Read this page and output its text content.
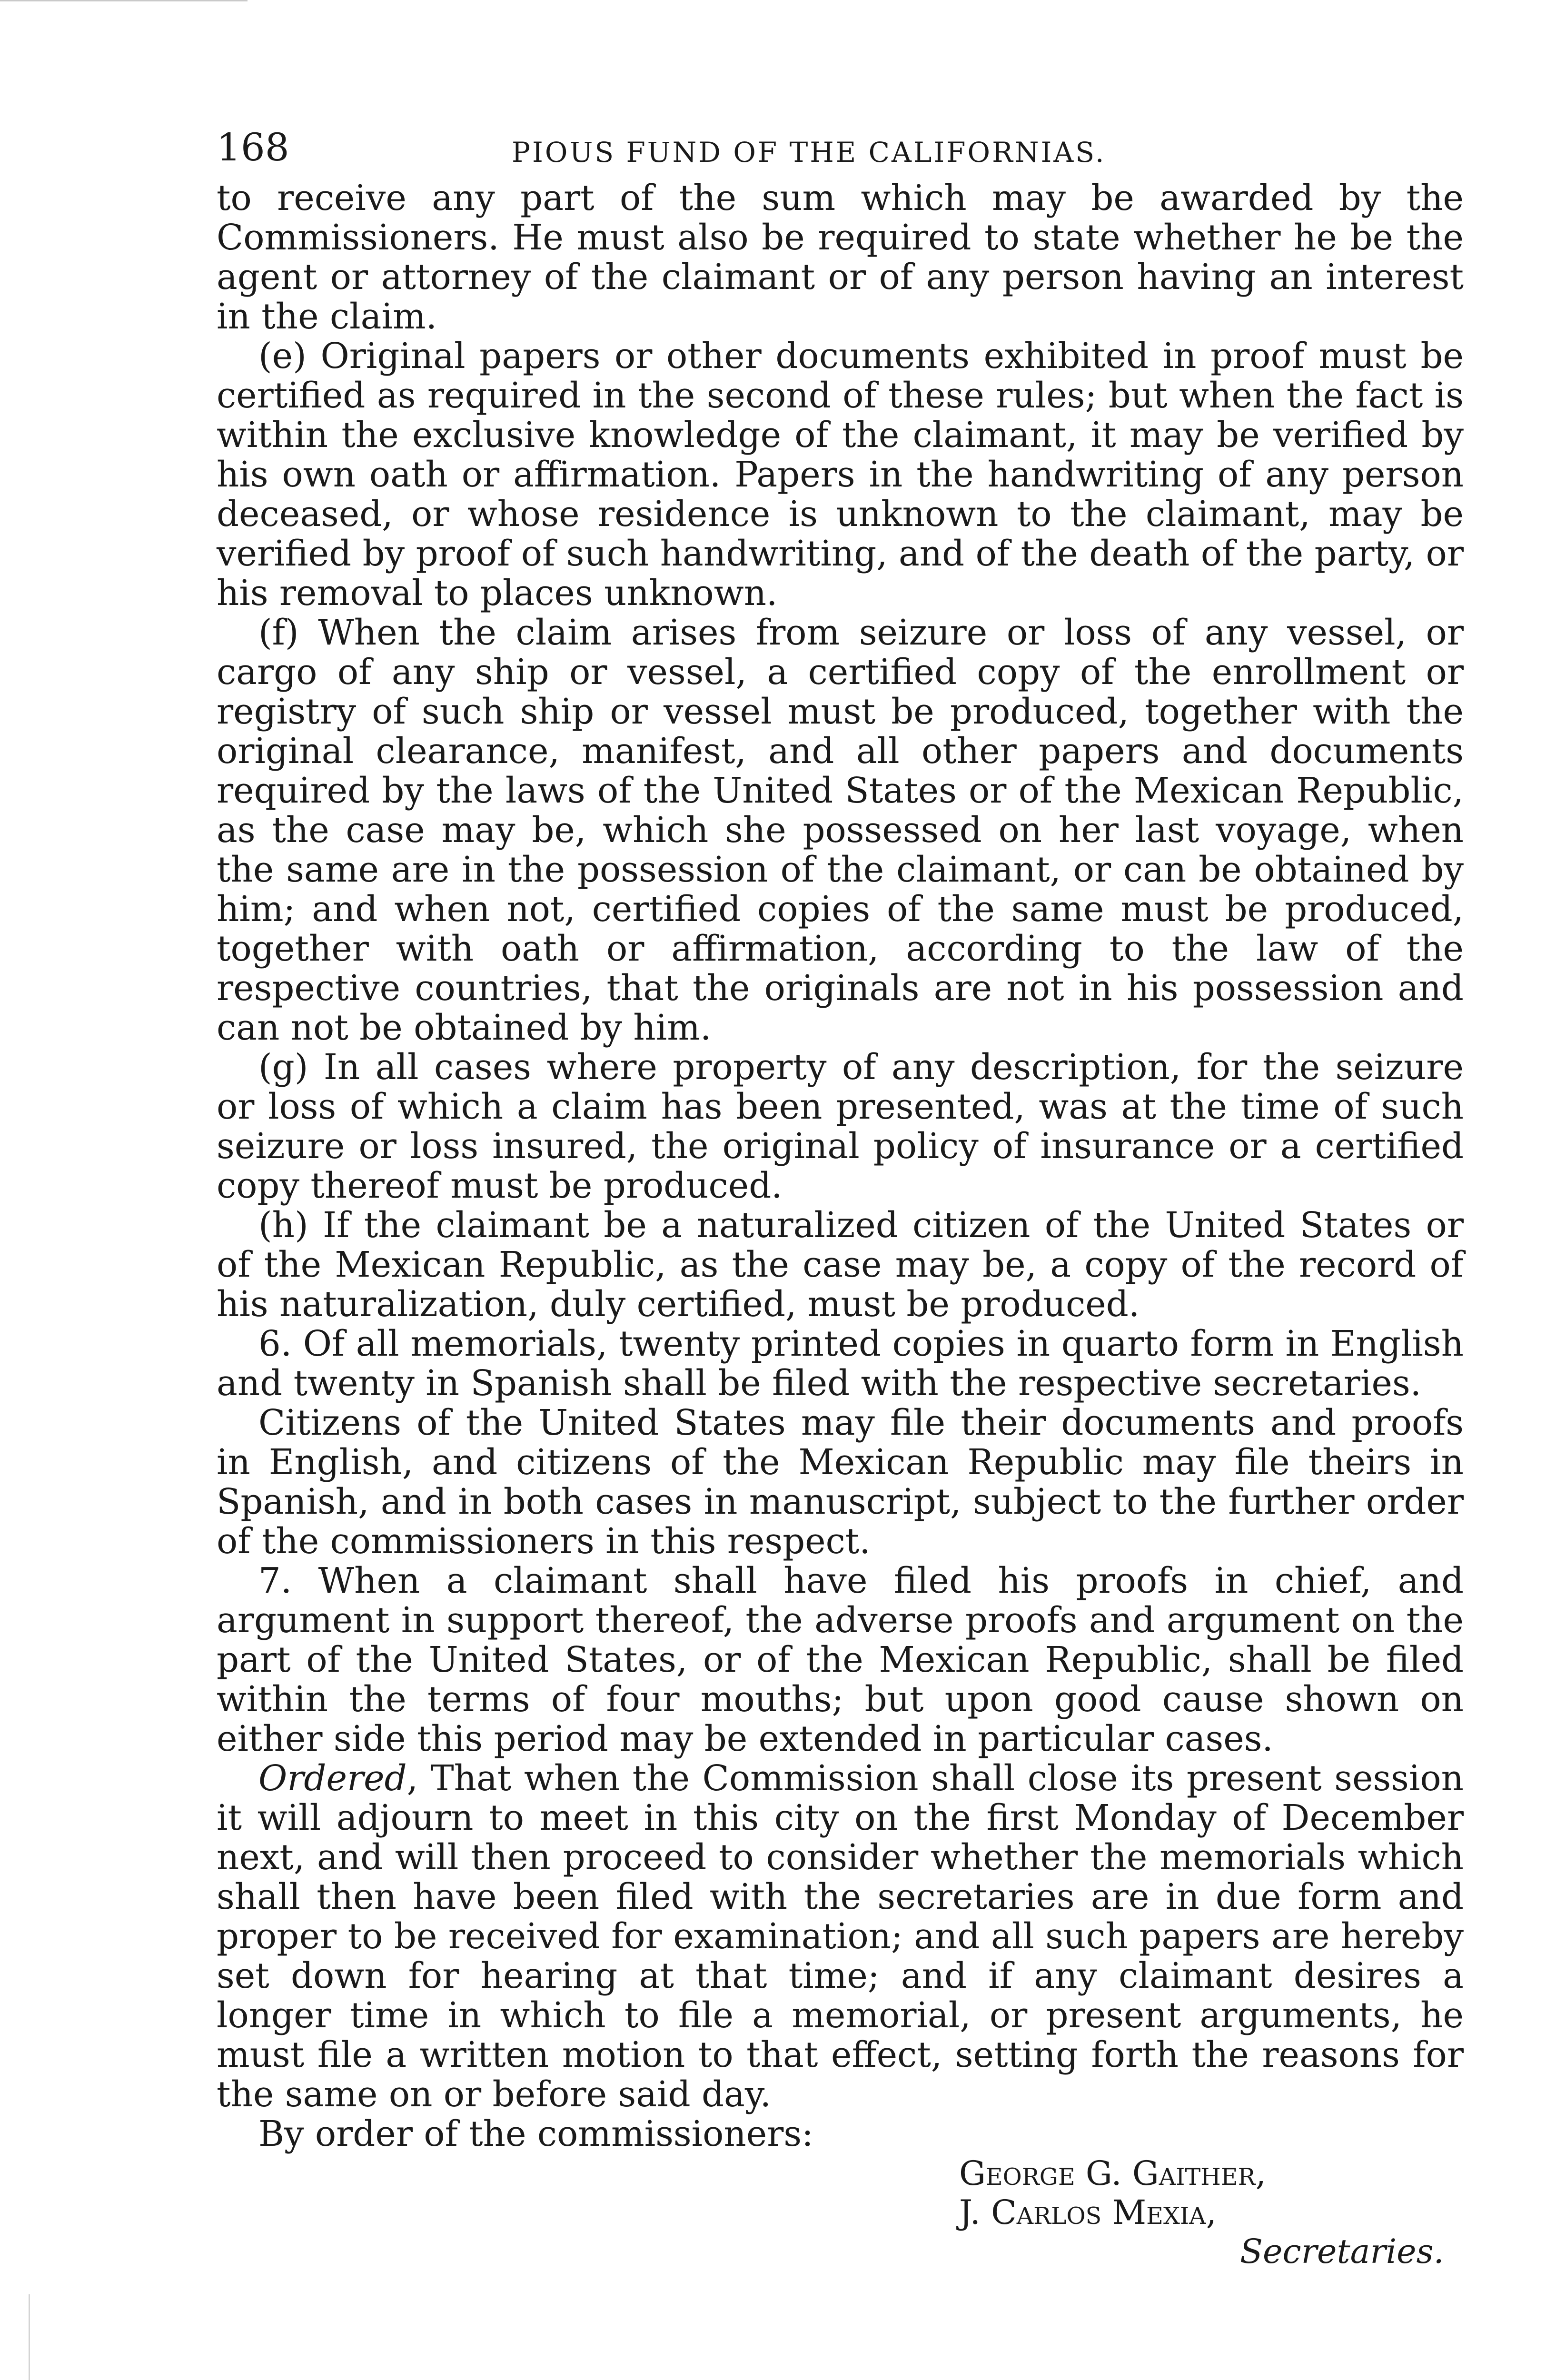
168	PIOUS FUND OF THE CALIFORNIAS.

to receive any part of the sum which may be awarded by the Commissioners. He must also be required to state whether he be the agent or attorney of the claimant or of any person having an interest in the claim.

(e) Original papers or other documents exhibited in proof must be certified as required in the second of these rules; but when the fact is within the exclusive knowledge of the claimant, it may be verified by his own oath or affirmation. Papers in the handwriting of any person deceased, or whose residence is unknown to the claimant, may be verified by proof of such handwriting, and of the death of the party, or his removal to places unknown.

(f) When the claim arises from seizure or loss of any vessel, or cargo of any ship or vessel, a certified copy of the enrollment or registry of such ship or vessel must be produced, together with the original clearance, manifest, and all other papers and documents required by the laws of the United States or of the Mexican Republic, as the case may be, which she possessed on her last voyage, when the same are in the possession of the claimant, or can be obtained by him; and when not, certified copies of the same must be produced, together with oath or affirmation, according to the law of the respective countries, that the originals are not in his possession and can not be obtained by him.

(g) In all cases where property of any description, for the seizure or loss of which a claim has been presented, was at the time of such seizure or loss insured, the original policy of insurance or a certified copy thereof must be produced.

(h) If the claimant be a naturalized citizen of the United States or of the Mexican Republic, as the case may be, a copy of the record of his naturalization, duly certified, must be produced.

6. Of all memorials, twenty printed copies in quarto form in English and twenty in Spanish shall be filed with the respective secretaries.

Citizens of the United States may file their documents and proofs in English, and citizens of the Mexican Republic may file theirs in Spanish, and in both cases in manuscript, subject to the further order of the commissioners in this respect.

7. When a claimant shall have filed his proofs in chief, and argument in support thereof, the adverse proofs and argument on the part of the United States, or of the Mexican Republic, shall be filed within the terms of four mouths; but upon good cause shown on either side this period may be extended in particular cases.

Ordered, That when the Commission shall close its present session it will adjourn to meet in this city on the first Monday of December next, and will then proceed to consider whether the memorials which shall then have been filed with the secretaries are in due form and proper to be received for examination; and all such papers are hereby set down for hearing at that time; and if any claimant desires a longer time in which to file a memorial, or present arguments, he must file a written motion to that effect, setting forth the reasons for the same on or before said day.

By order of the commissioners:

George G. Gaither,
J. Carlos Mexia,
Secretaries.
